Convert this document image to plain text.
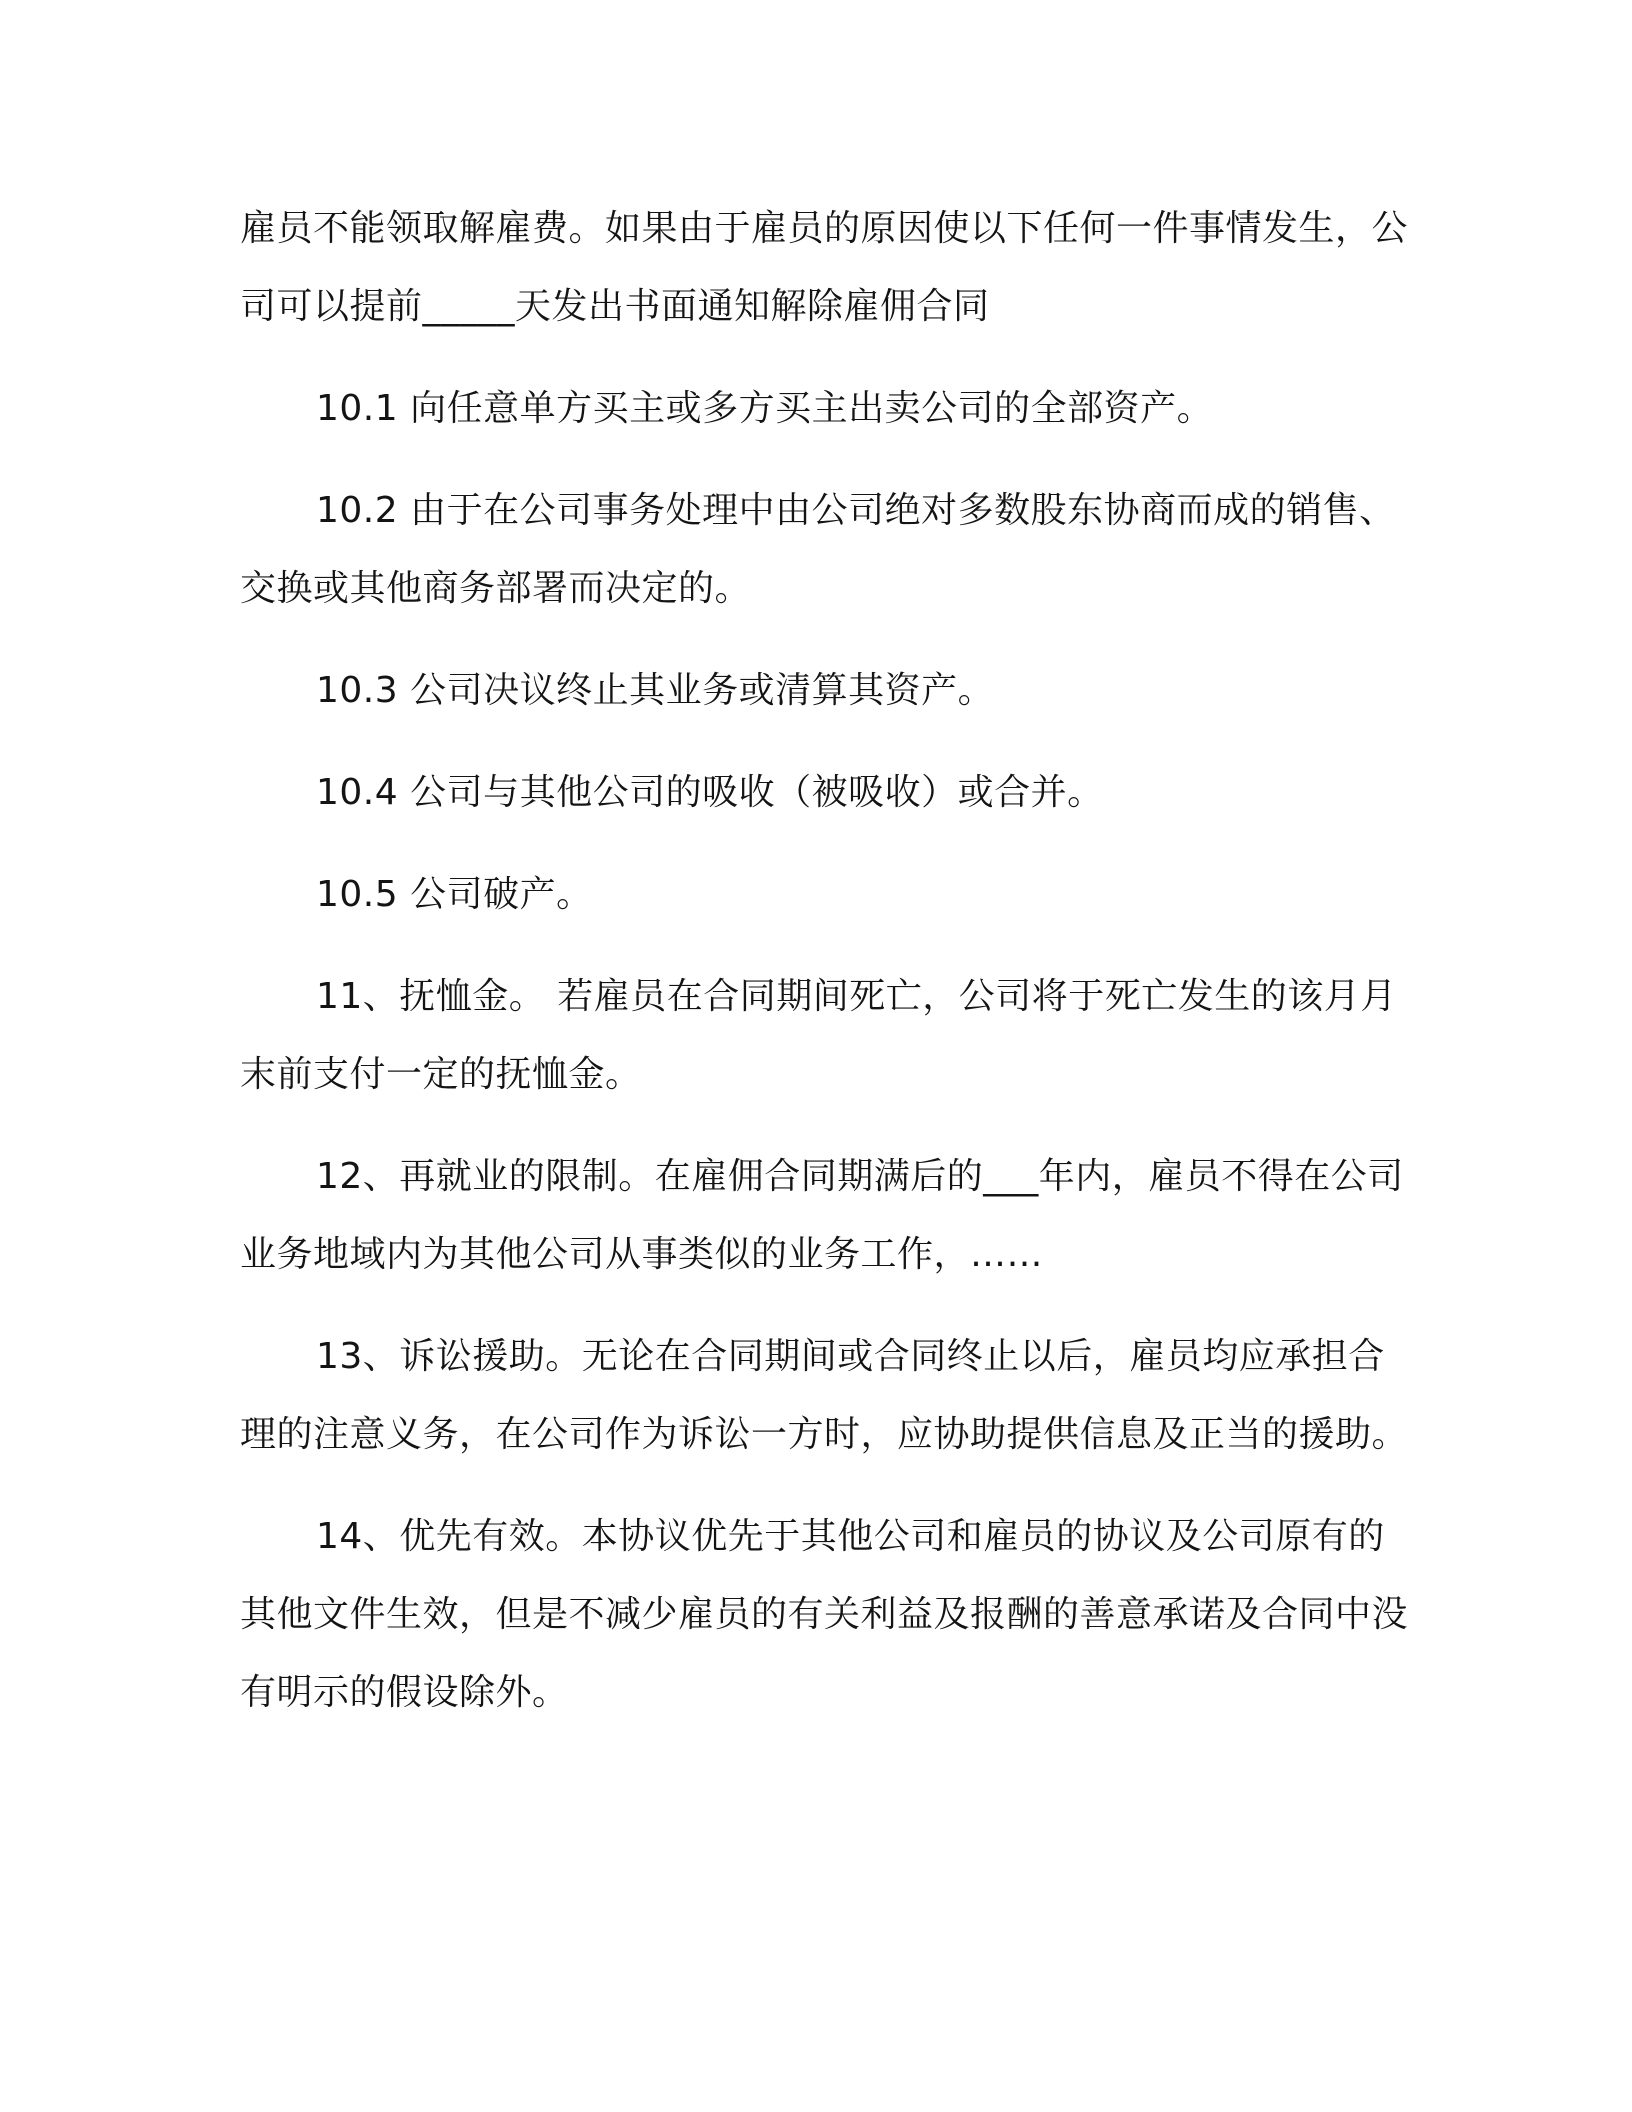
雇员不能领取解雇费。如果由于雇员的原因使以下任何一件事情发生，公司可以提前_____天发出书面通知解除雇佣合同

10.1 向任意单方买主或多方买主出卖公司的全部资产。

10.2 由于在公司事务处理中由公司绝对多数股东协商而成的销售、交换或其他商务部署而决定的。

10.3 公司决议终止其业务或清算其资产。

10.4 公司与其他公司的吸收（被吸收）或合并。

10.5 公司破产。

11、抚恤金。 若雇员在合同期间死亡，公司将于死亡发生的该月月末前支付一定的抚恤金。

12、再就业的限制。在雇佣合同期满后的___年内，雇员不得在公司业务地域内为其他公司从事类似的业务工作，……

13、诉讼援助。无论在合同期间或合同终止以后，雇员均应承担合理的注意义务，在公司作为诉讼一方时，应协助提供信息及正当的援助。

14、优先有效。本协议优先于其他公司和雇员的协议及公司原有的其他文件生效，但是不减少雇员的有关利益及报酬的善意承诺及合同中没有明示的假设除外。
